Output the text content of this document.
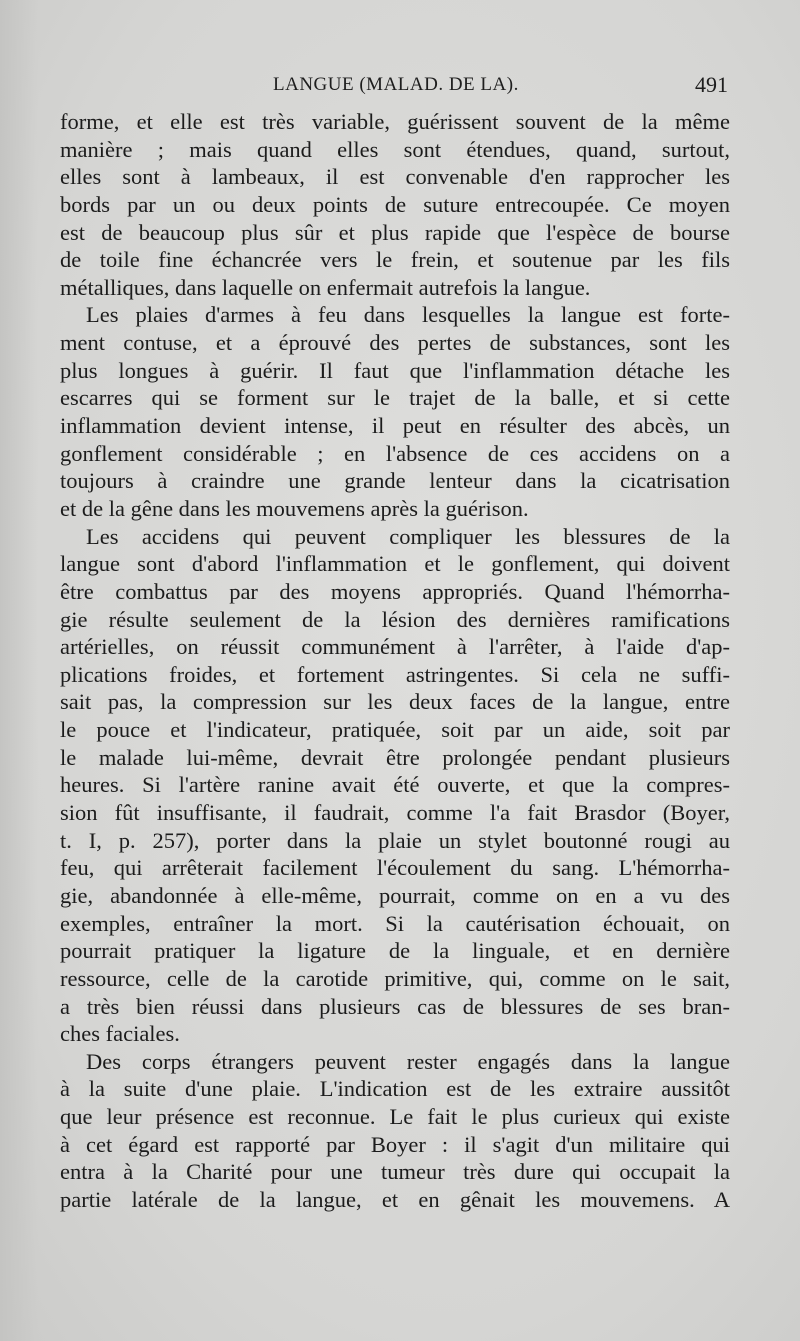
LANGUE (MALAD. DE LA).	491
forme, et elle est très variable, guérissent souvent de la même
manière ; mais quand elles sont étendues, quand, surtout,
elles sont à lambeaux, il est convenable d'en rapprocher les
bords par un ou deux points de suture entrecoupée. Ce moyen
est de beaucoup plus sûr et plus rapide que l'espèce de bourse
de toile fine échancrée vers le frein, et soutenue par les fils
métalliques, dans laquelle on enfermait autrefois la langue.
Les plaies d'armes à feu dans lesquelles la langue est forte-
ment contuse, et a éprouvé des pertes de substances, sont les
plus longues à guérir. Il faut que l'inflammation détache les
escarres qui se forment sur le trajet de la balle, et si cette
inflammation devient intense, il peut en résulter des abcès, un
gonflement considérable ; en l'absence de ces accidens on a
toujours à craindre une grande lenteur dans la cicatrisation
et de la gêne dans les mouvemens après la guérison.
Les accidens qui peuvent compliquer les blessures de la
langue sont d'abord l'inflammation et le gonflement, qui doivent
être combattus par des moyens appropriés. Quand l'hémorrha-
gie résulte seulement de la lésion des dernières ramifications
artérielles, on réussit communément à l'arrêter, à l'aide d'ap-
plications froides, et fortement astringentes. Si cela ne suffi-
sait pas, la compression sur les deux faces de la langue, entre
le pouce et l'indicateur, pratiquée, soit par un aide, soit par
le malade lui-même, devrait être prolongée pendant plusieurs
heures. Si l'artère ranine avait été ouverte, et que la compres-
sion fût insuffisante, il faudrait, comme l'a fait Brasdor (Boyer,
t. I, p. 257), porter dans la plaie un stylet boutonné rougi au
feu, qui arrêterait facilement l'écoulement du sang. L'hémorrha-
gie, abandonnée à elle-même, pourrait, comme on en a vu des
exemples, entraîner la mort. Si la cautérisation échouait, on
pourrait pratiquer la ligature de la linguale, et en dernière
ressource, celle de la carotide primitive, qui, comme on le sait,
a très bien réussi dans plusieurs cas de blessures de ses bran-
ches faciales.
Des corps étrangers peuvent rester engagés dans la langue
à la suite d'une plaie. L'indication est de les extraire aussitôt
que leur présence est reconnue. Le fait le plus curieux qui existe
à cet égard est rapporté par Boyer : il s'agit d'un militaire qui
entra à la Charité pour une tumeur très dure qui occupait la
partie latérale de la langue, et en gênait les mouvemens. A
